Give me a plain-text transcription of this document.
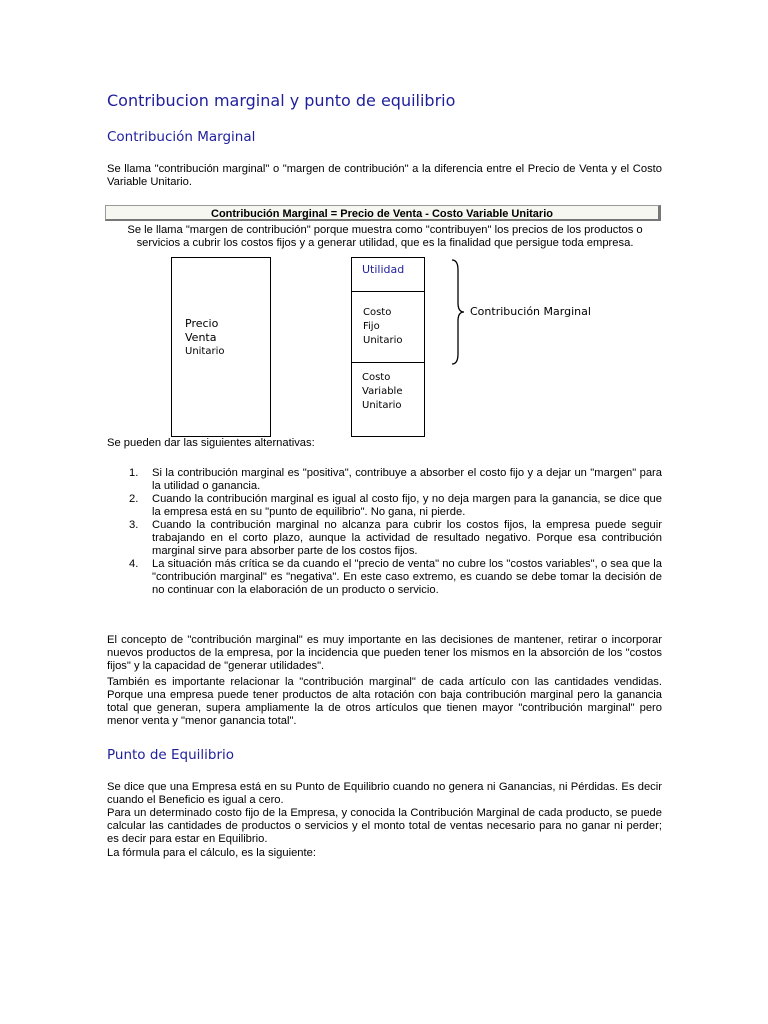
Contribucion marginal y punto de equilibrio
Contribución Marginal

Se llama "contribución marginal" o "margen de contribución" a la diferencia entre el Precio de Venta y el Costo Variable Unitario.

Contribución Marginal = Precio de Venta - Costo Variable Unitario

Se le llama "margen de contribución" porque muestra como "contribuyen" los precios de los productos o servicios a cubrir los costos fijos y a generar utilidad, que es la finalidad que persigue toda empresa.

Precio
Venta
Unitario
Utilidad
Costo
Fijo
Unitario
Costo
Variable
Unitario
Contribución Marginal

Se pueden dar las siguientes alternativas:

1. Si la contribución marginal es "positiva", contribuye a absorber el costo fijo y a dejar un "margen" para la utilidad o ganancia.
2. Cuando la contribución marginal es igual al costo fijo, y no deja margen para la ganancia, se dice que la empresa está en su "punto de equilibrio". No gana, ni pierde.
3. Cuando la contribución marginal no alcanza para cubrir los costos fijos, la empresa puede seguir trabajando en el corto plazo, aunque la actividad de resultado negativo. Porque esa contribución marginal sirve para absorber parte de los costos fijos.
4. La situación más crítica se da cuando el "precio de venta" no cubre los "costos variables", o sea que la "contribución marginal" es "negativa". En este caso extremo, es cuando se debe tomar la decisión de no continuar con la elaboración de un producto o servicio.

El concepto de "contribución marginal" es muy importante en las decisiones de mantener, retirar o incorporar nuevos productos de la empresa, por la incidencia que pueden tener los mismos en la absorción de los "costos fijos" y la capacidad de "generar utilidades".

También es importante relacionar la "contribución marginal" de cada artículo con las cantidades vendidas. Porque una empresa puede tener productos de alta rotación con baja contribución marginal pero la ganancia total que generan, supera ampliamente la de otros artículos que tienen mayor "contribución marginal" pero menor venta y "menor ganancia total".

Punto de Equilibrio

Se dice que una Empresa está en su Punto de Equilibrio cuando no genera ni Ganancias, ni Pérdidas. Es decir cuando el Beneficio es igual a cero.

Para un determinado costo fijo de la Empresa, y conocida la Contribución Marginal de cada producto, se puede calcular las cantidades de productos o servicios y el monto total de ventas necesario para no ganar ni perder; es decir para estar en Equilibrio.

La fórmula para el cálculo, es la siguiente:
